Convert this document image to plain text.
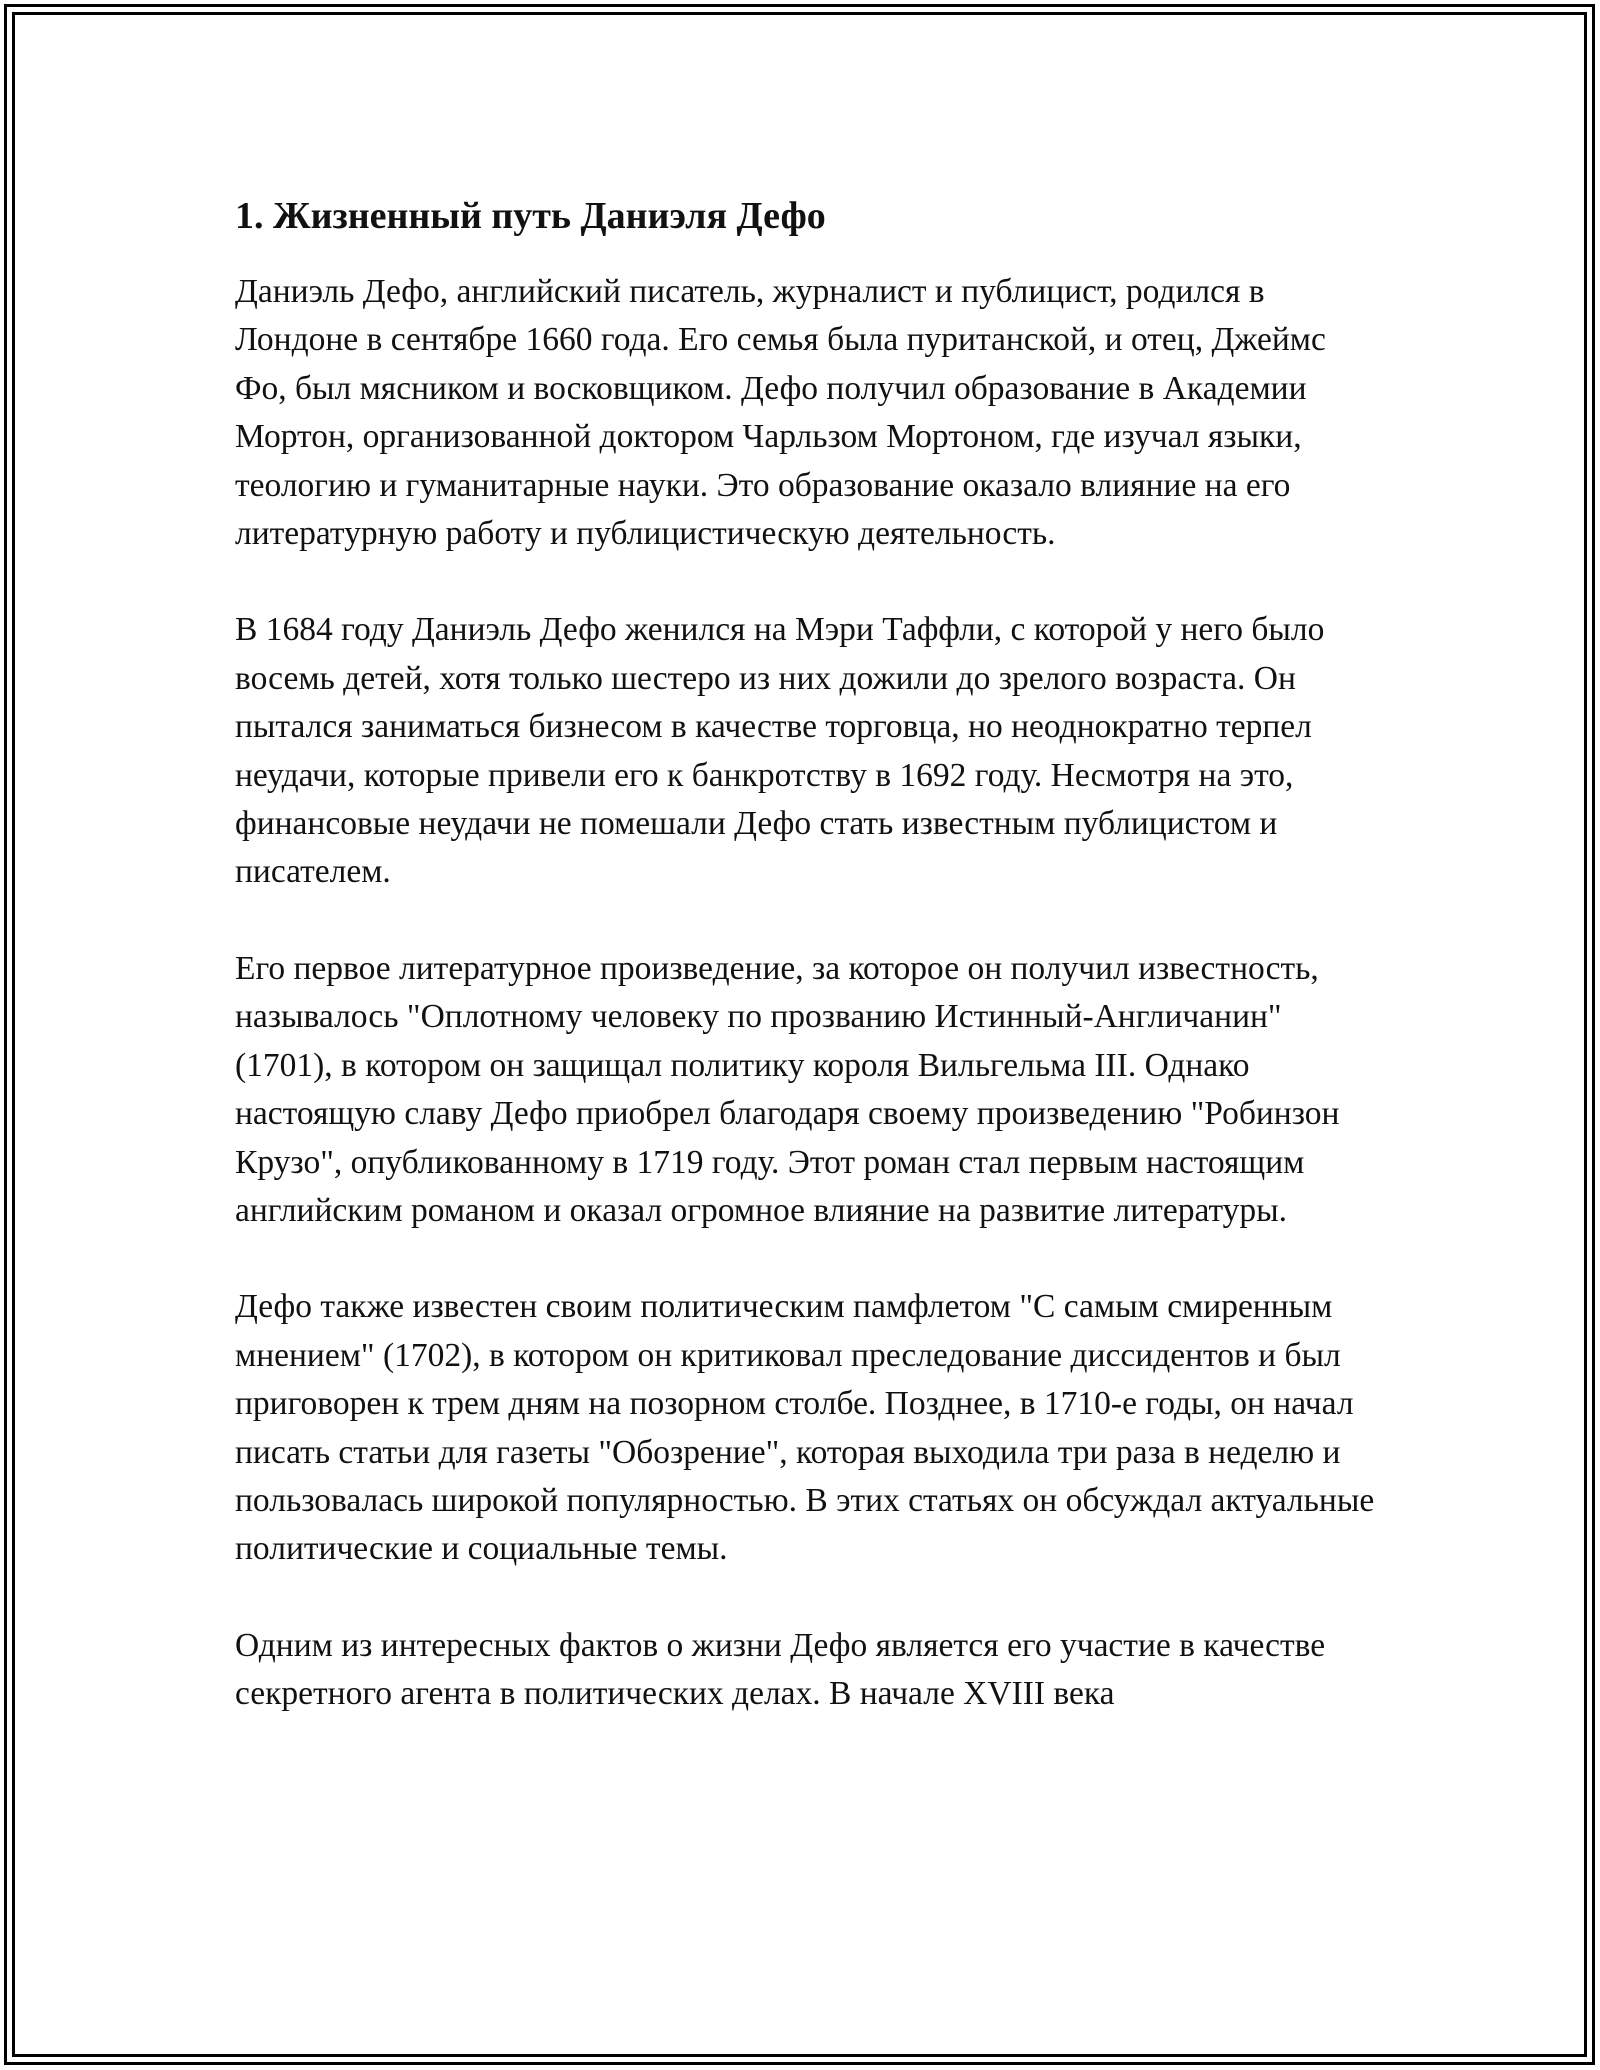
1. Жизненный путь Даниэля Дефо

Даниэль Дефо, английский писатель, журналист и публицист, родился в Лондоне в сентябре 1660 года. Его семья была пуританской, и отец, Джеймс Фо, был мясником и восковщиком. Дефо получил образование в Академии Мортон, организованной доктором Чарльзом Мортоном, где изучал языки, теологию и гуманитарные науки. Это образование оказало влияние на его литературную работу и публицистическую деятельность.

В 1684 году Даниэль Дефо женился на Мэри Таффли, с которой у него было восемь детей, хотя только шестеро из них дожили до зрелого возраста. Он пытался заниматься бизнесом в качестве торговца, но неоднократно терпел неудачи, которые привели его к банкротству в 1692 году. Несмотря на это, финансовые неудачи не помешали Дефо стать известным публицистом и писателем.

Его первое литературное произведение, за которое он получил известность, называлось "Оплотному человеку по прозванию Истинный-Англичанин" (1701), в котором он защищал политику короля Вильгельма III. Однако настоящую славу Дефо приобрел благодаря своему произведению "Робинзон Крузо", опубликованному в 1719 году. Этот роман стал первым настоящим английским романом и оказал огромное влияние на развитие литературы.

Дефо также известен своим политическим памфлетом "С самым смиренным мнением" (1702), в котором он критиковал преследование диссидентов и был приговорен к трем дням на позорном столбе. Позднее, в 1710-е годы, он начал писать статьи для газеты "Обозрение", которая выходила три раза в неделю и пользовалась широкой популярностью. В этих статьях он обсуждал актуальные политические и социальные темы.

Одним из интересных фактов о жизни Дефо является его участие в качестве секретного агента в политических делах. В начале XVIII века
